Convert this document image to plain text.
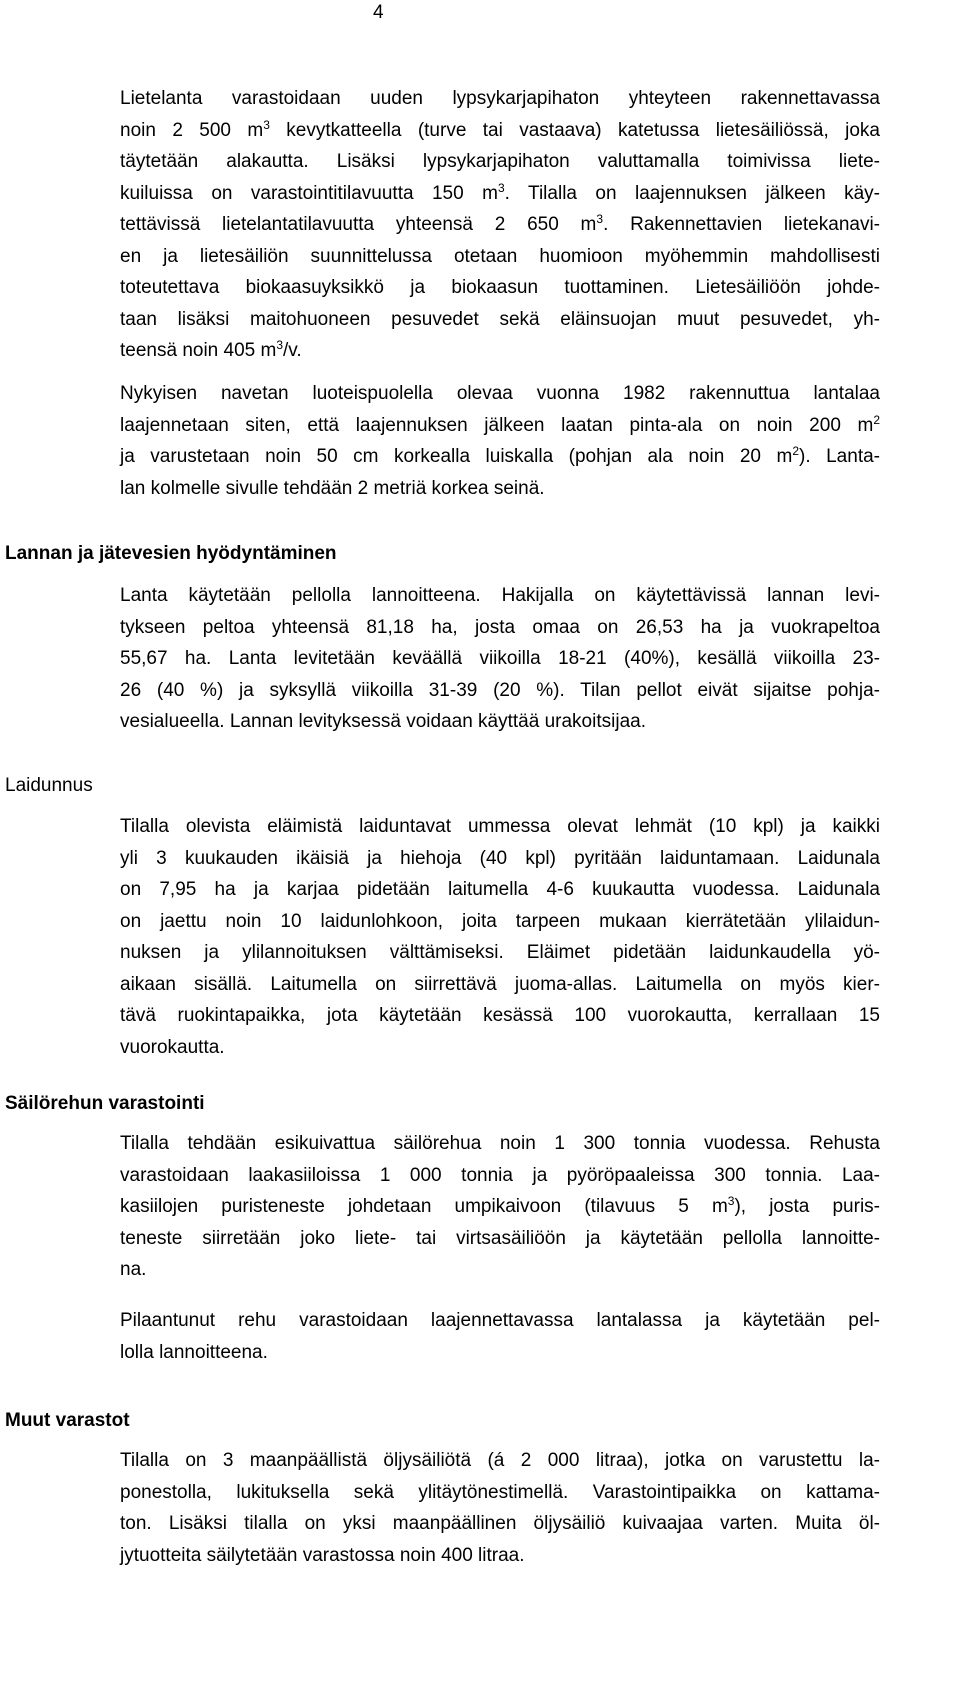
4
Lietelanta varastoidaan uuden lypsykarjapihaton yhteyteen rakennettavassa
noin 2 500 $m^3$ kevytkatteella (turve tai vastaava) katetussa lietesäiliössä, joka
täytetään alakautta. Lisäksi lypsykarjapihaton valuttamalla toimivissa liete-
kuiluissa on varastointitilavuutta 150 $m^3$. Tilalla on laajennuksen jälkeen käy-
tettävissä lietelantatilavuutta yhteensä 2 650 $m^3$. Rakennettavien lietekanavi-
en ja lietesäiliön suunnittelussa otetaan huomioon myöhemmin mahdollisesti
toteutettava biokaasuyksikkö ja biokaasun tuottaminen. Lietesäiliöön johde-
taan lisäksi maitohuoneen pesuvedet sekä eläinsuojan muut pesuvedet, yh-
teensä noin 405 $m^3/v$.
Nykyisen navetan luoteispuolella olevaa vuonna 1982 rakennuttua lantalaa
laajennetaan siten, että laajennuksen jälkeen laatan pinta-ala on noin 200 $m^2$
ja varustetaan noin 50 cm korkealla luiskalla (pohjan ala noin 20 $m^2$). Lanta-
lan kolmelle sivulle tehdään 2 metriä korkea seinä.
Lannan ja jätevesien hyödyntäminen
Lanta käytetään pellolla lannoitteena. Hakijalla on käytettävissä lannan levi-
tykseen peltoa yhteensä 81,18 ha, josta omaa on 26,53 ha ja vuokrapeltoa
55,67 ha. Lanta levitetään keväällä viikoilla 18-21 (40%), kesällä viikoilla 23-
26 (40 %) ja syksyllä viikoilla 31-39 (20 %). Tilan pellot eivät sijaitse pohja-
vesialueella. Lannan levityksessä voidaan käyttää urakoitsijaa.
Laidunnus
Tilalla olevista eläimistä laiduntavat ummessa olevat lehmät (10 kpl) ja kaikki
yli 3 kuukauden ikäisiä ja hiehoja (40 kpl) pyritään laiduntamaan. Laidunala
on 7,95 ha ja karjaa pidetään laitumella 4-6 kuukautta vuodessa. Laidunala
on jaettu noin 10 laidunlohkoon, joita tarpeen mukaan kierrätetään ylilaidun-
nuksen ja ylilannoituksen välttämiseksi. Eläimet pidetään laidunkaudella yö-
aikaan sisällä. Laitumella on siirrettävä juoma-allas. Laitumella on myös kier-
tävä ruokintapaikka, jota käytetään kesässä 100 vuorokautta, kerrallaan 15
vuorokautta.
Säilörehun varastointi
Tilalla tehdään esikuivattua säilörehua noin 1 300 tonnia vuodessa. Rehusta
varastoidaan laakasiiloissa 1 000 tonnia ja pyöröpaaleissa 300 tonnia. Laa-
kasiilojen puristeneste johdetaan umpikaivoon (tilavuus 5 $m^3$), josta puris-
teneste siirretään joko liete- tai virtsasäiliöön ja käytetään pellolla lannoitte-
na.
Pilaantunut rehu varastoidaan laajennettavassa lantalassa ja käytetään pel-
lolla lannoitteena.
Muut varastot
Tilalla on 3 maanpäällistä öljysäiliötä (á 2 000 litraa), jotka on varustettu la-
ponestolla, lukituksella sekä ylitäytönestimellä. Varastointipaikka on kattama-
ton. Lisäksi tilalla on yksi maanpäällinen öljysäiliö kuivaajaa varten. Muita öl-
jytuotteita säilytetään varastossa noin 400 litraa.
